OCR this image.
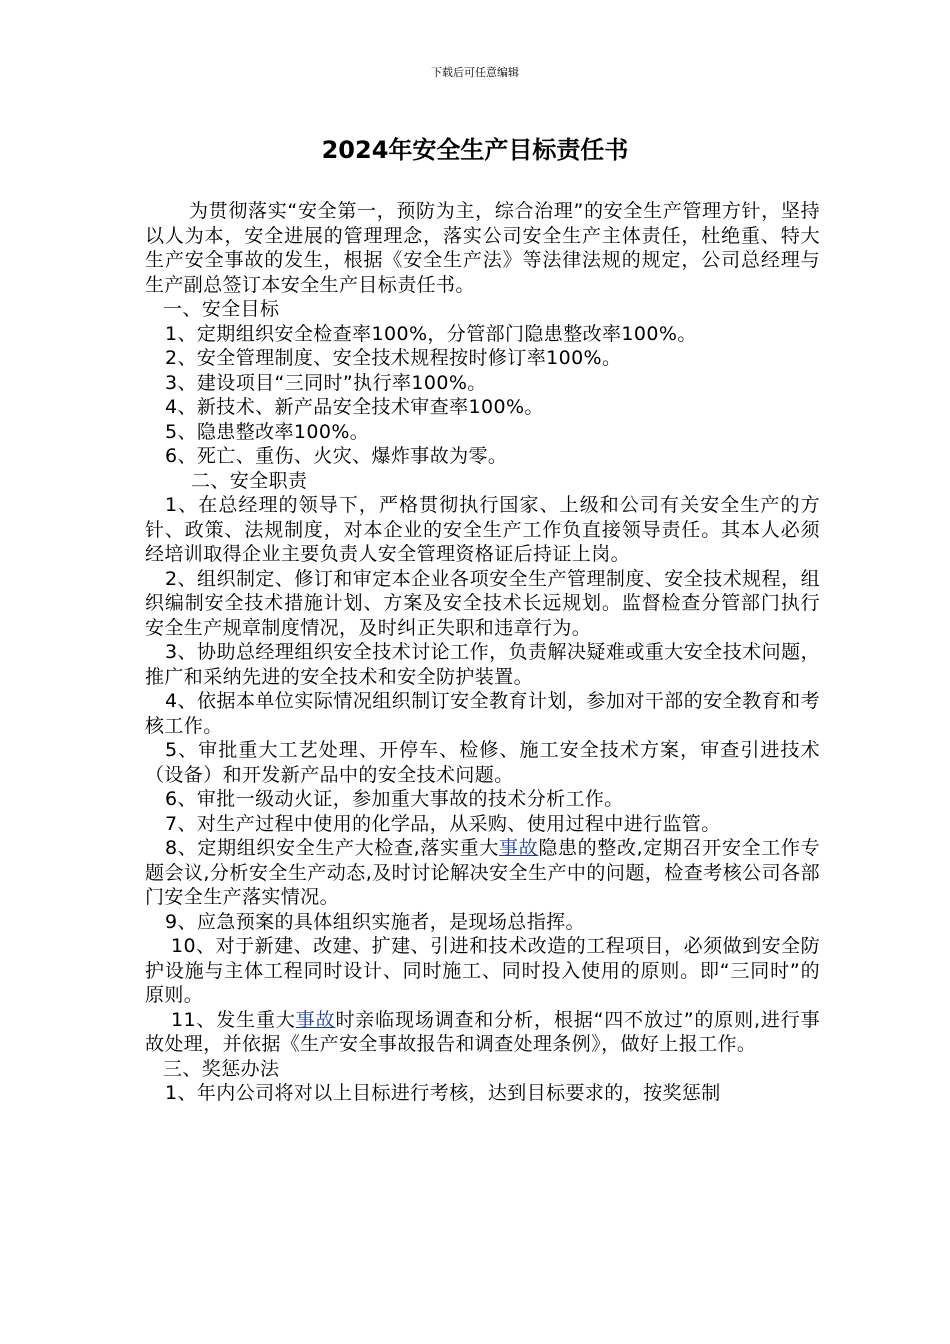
下载后可任意编辑
2024年安全生产目标责任书

为贯彻落实“安全第一，预防为主，综合治理”的安全生产管理方针，坚持以人为本，安全进展的管理理念，落实公司安全生产主体责任，杜绝重、特大生产安全事故的发生，根据《安全生产法》等法律法规的规定，公司总经理与生产副总签订本安全生产目标责任书。

一、安全目标

1、定期组织安全检查率100%，分管部门隐患整改率100%。

2、安全管理制度、安全技术规程按时修订率100%。

3、建设项目“三同时”执行率100%。

4、新技术、新产品安全技术审查率100%。

5、隐患整改率100%。

6、死亡、重伤、火灾、爆炸事故为零。

二、安全职责

1、在总经理的领导下，严格贯彻执行国家、上级和公司有关安全生产的方针、政策、法规制度，对本企业的安全生产工作负直接领导责任。其本人必须经培训取得企业主要负责人安全管理资格证后持证上岗。

2、组织制定、修订和审定本企业各项安全生产管理制度、安全技术规程，组织编制安全技术措施计划、方案及安全技术长远规划。监督检查分管部门执行安全生产规章制度情况，及时纠正失职和违章行为。

3、协助总经理组织安全技术讨论工作，负责解决疑难或重大安全技术问题，推广和采纳先进的安全技术和安全防护装置。

4、依据本单位实际情况组织制订安全教育计划，参加对干部的安全教育和考核工作。

5、审批重大工艺处理、开停车、检修、施工安全技术方案，审查引进技术（设备）和开发新产品中的安全技术问题。

6、审批一级动火证，参加重大事故的技术分析工作。

7、对生产过程中使用的化学品，从采购、使用过程中进行监管。

8、定期组织安全生产大检查,落实重大事故隐患的整改,定期召开安全工作专题会议,分析安全生产动态,及时讨论解决安全生产中的问题，检查考核公司各部门安全生产落实情况。

9、应急预案的具体组织实施者，是现场总指挥。

10、对于新建、改建、扩建、引进和技术改造的工程项目，必须做到安全防护设施与主体工程同时设计、同时施工、同时投入使用的原则。即“三同时”的原则。

11、发生重大事故时亲临现场调查和分析，根据“四不放过”的原则,进行事故处理，并依据《生产安全事故报告和调查处理条例》，做好上报工作。

三、奖惩办法

1、年内公司将对以上目标进行考核，达到目标要求的，按奖惩制
